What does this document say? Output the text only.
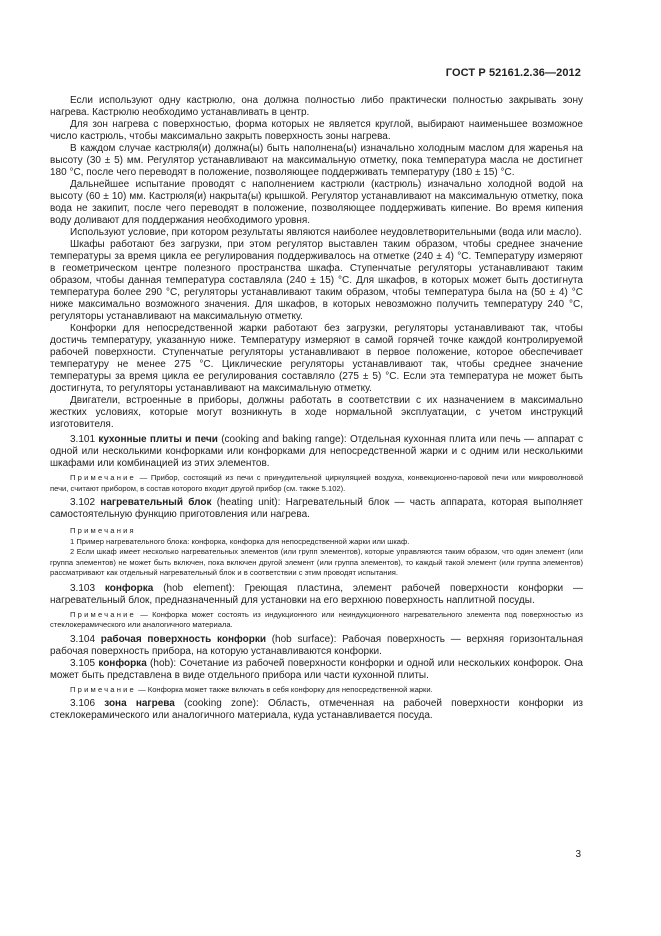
ГОСТ Р 52161.2.36—2012

Если используют одну кастрюлю, она должна полностью либо практически полностью закрывать зону нагрева. Кастрюлю необходимо устанавливать в центр.

Для зон нагрева с поверхностью, форма которых не является круглой, выбирают наименьшее возможное число кастрюль, чтобы максимально закрыть поверхность зоны нагрева.

В каждом случае кастрюля(и) должна(ы) быть наполнена(ы) изначально холодным маслом для жаренья на высоту (30 ± 5) мм. Регулятор устанавливают на максимальную отметку, пока температура масла не достигнет 180 °С, после чего переводят в положение, позволяющее поддерживать температуру (180 ± 15) °С.

Дальнейшее испытание проводят с наполнением кастрюли (кастрюль) изначально холодной водой на высоту (60 ± 10) мм. Кастрюля(и) накрыта(ы) крышкой. Регулятор устанавливают на максимальную отметку, пока вода не закипит, после чего переводят в положение, позволяющее поддерживать кипение. Во время кипения воду доливают для поддержания необходимого уровня.

Используют условие, при котором результаты являются наиболее неудовлетворительными (вода или масло).

Шкафы работают без загрузки, при этом регулятор выставлен таким образом, чтобы среднее значение температуры за время цикла ее регулирования поддерживалось на отметке (240 ± 4) °С. Температуру измеряют в геометрическом центре полезного пространства шкафа. Ступенчатые регуляторы устанавливают таким образом, чтобы данная температура составляла (240 ± 15) °С. Для шкафов, в которых может быть достигнута температура более 290 °С, регуляторы устанавливают таким образом, чтобы температура была на (50 ± 4) °С ниже максимально возможного значения. Для шкафов, в которых невозможно получить температуру 240 °С, регуляторы устанавливают на максимальную отметку.

Конфорки для непосредственной жарки работают без загрузки, регуляторы устанавливают так, чтобы достичь температуру, указанную ниже. Температуру измеряют в самой горячей точке каждой контролируемой рабочей поверхности. Ступенчатые регуляторы устанавливают в первое положение, которое обеспечивает температуру не менее 275 °С. Циклические регуляторы устанавливают так, чтобы среднее значение температуры за время цикла ее регулирования составляло (275 ± 5) °С. Если эта температура не может быть достигнута, то регуляторы устанавливают на максимальную отметку.

Двигатели, встроенные в приборы, должны работать в соответствии с их назначением в максимально жестких условиях, которые могут возникнуть в ходе нормальной эксплуатации, с учетом инструкций изготовителя.

3.101 кухонные плиты и печи (cooking and baking range): Отдельная кухонная плита или печь — аппарат с одной или несколькими конфорками или конфорками для непосредственной жарки и с одним или несколькими шкафами или комбинацией из этих элементов.

Примечание — Прибор, состоящий из печи с принудительной циркуляцией воздуха, конвекционно-паровой печи или микроволновой печи, считают прибором, в состав которого входит другой прибор (см. также 5.102).

3.102 нагревательный блок (heating unit): Нагревательный блок — часть аппарата, которая выполняет самостоятельную функцию приготовления или нагрева.

Примечания

1 Пример нагревательного блока: конфорка, конфорка для непосредственной жарки или шкаф.

2 Если шкаф имеет несколько нагревательных элементов (или групп элементов), которые управляются таким образом, что один элемент (или группа элементов) не может быть включен, пока включен другой элемент (или группа элементов), то каждый такой элемент (или группа элементов) рассматривают как отдельный нагревательный блок и в соответствии с этим проводят испытания.

3.103 конфорка (hob element): Греющая пластина, элемент рабочей поверхности конфорки — нагревательный блок, предназначенный для установки на его верхнюю поверхность наплитной посуды.

Примечание — Конфорка может состоять из индукционного или неиндукционного нагревательного элемента под поверхностью из стеклокерамического или аналогичного материала.

3.104 рабочая поверхность конфорки (hob surface): Рабочая поверхность — верхняя горизонтальная рабочая поверхность прибора, на которую устанавливаются конфорки.

3.105 конфорка (hob): Сочетание из рабочей поверхности конфорки и одной или нескольких конфорок. Она может быть представлена в виде отдельного прибора или части кухонной плиты.

Примечание — Конфорка может также включать в себя конфорку для непосредственной жарки.

3.106 зона нагрева (cooking zone): Область, отмеченная на рабочей поверхности конфорки из стеклокерамического или аналогичного материала, куда устанавливается посуда.

3
